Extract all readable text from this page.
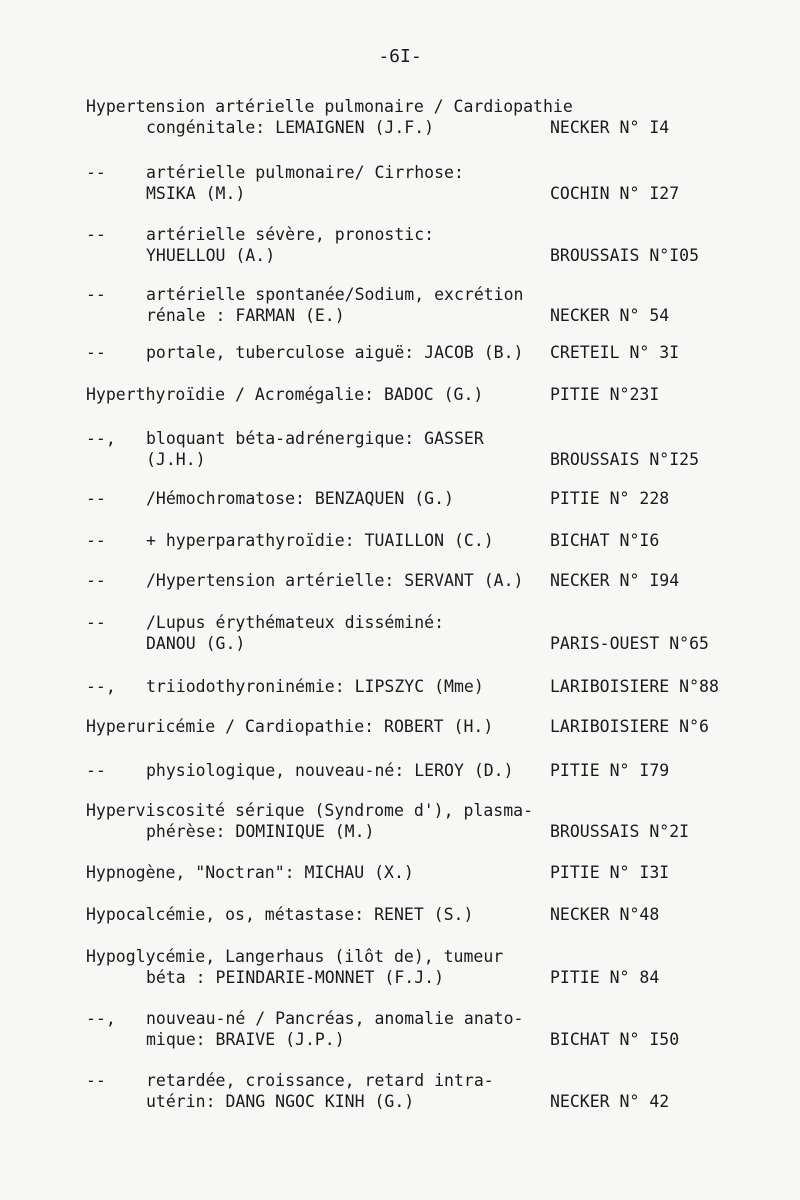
-6I-
Hypertension artérielle pulmonaire / Cardiopathie
congénitale: LEMAIGNEN (J.F.)	NECKER N° I4
-- artérielle pulmonaire/ Cirrhose:
MSIKA (M.)	COCHIN N° I27
-- artérielle sévère, pronostic:
YHUELLOU (A.)	BROUSSAIS N°I05
-- artérielle spontanée/Sodium, excrétion
rénale : FARMAN (E.)	NECKER N° 54
-- portale, tuberculose aiguë: JACOB (B.) CRETEIL N° 3I
Hyperthyroïdie / Acromégalie: BADOC (G.)	PITIE N°23I
--, bloquant béta-adrénergique: GASSER
(J.H.)	BROUSSAIS N°I25
-- /Hémochromatose: BENZAQUEN (G.)	PITIE N° 228
-- + hyperparathyroïdie: TUAILLON (C.)	BICHAT N°I6
-- /Hypertension artérielle: SERVANT (A.) NECKER N° I94
-- /Lupus érythémateux disséminé:
DANOU (G.)	PARIS-OUEST N°65
--, triiodothyroninémie: LIPSZYC (Mme)	LARIBOISIERE N°88
Hyperuricémie / Cardiopathie: ROBERT (H.)	LARIBOISIERE N°6
-- physiologique, nouveau-né: LEROY (D.) PITIE N° I79
Hyperviscosité sérique (Syndrome d'), plasma-
phérèse: DOMINIQUE (M.)	BROUSSAIS N°2I
Hypnogène, "Noctran": MICHAU (X.)	PITIE N° I3I
Hypocalcémie, os, métastase: RENET (S.)	NECKER N°48
Hypoglycémie, Langerhaus (ilôt de), tumeur
béta : PEINDARIE-MONNET (F.J.)	PITIE N° 84
--, nouveau-né / Pancréas, anomalie anato-
mique: BRAIVE (J.P.)	BICHAT N° I50
-- retardée, croissance, retard intra-
utérin: DANG NGOC KINH (G.)	NECKER N° 42
